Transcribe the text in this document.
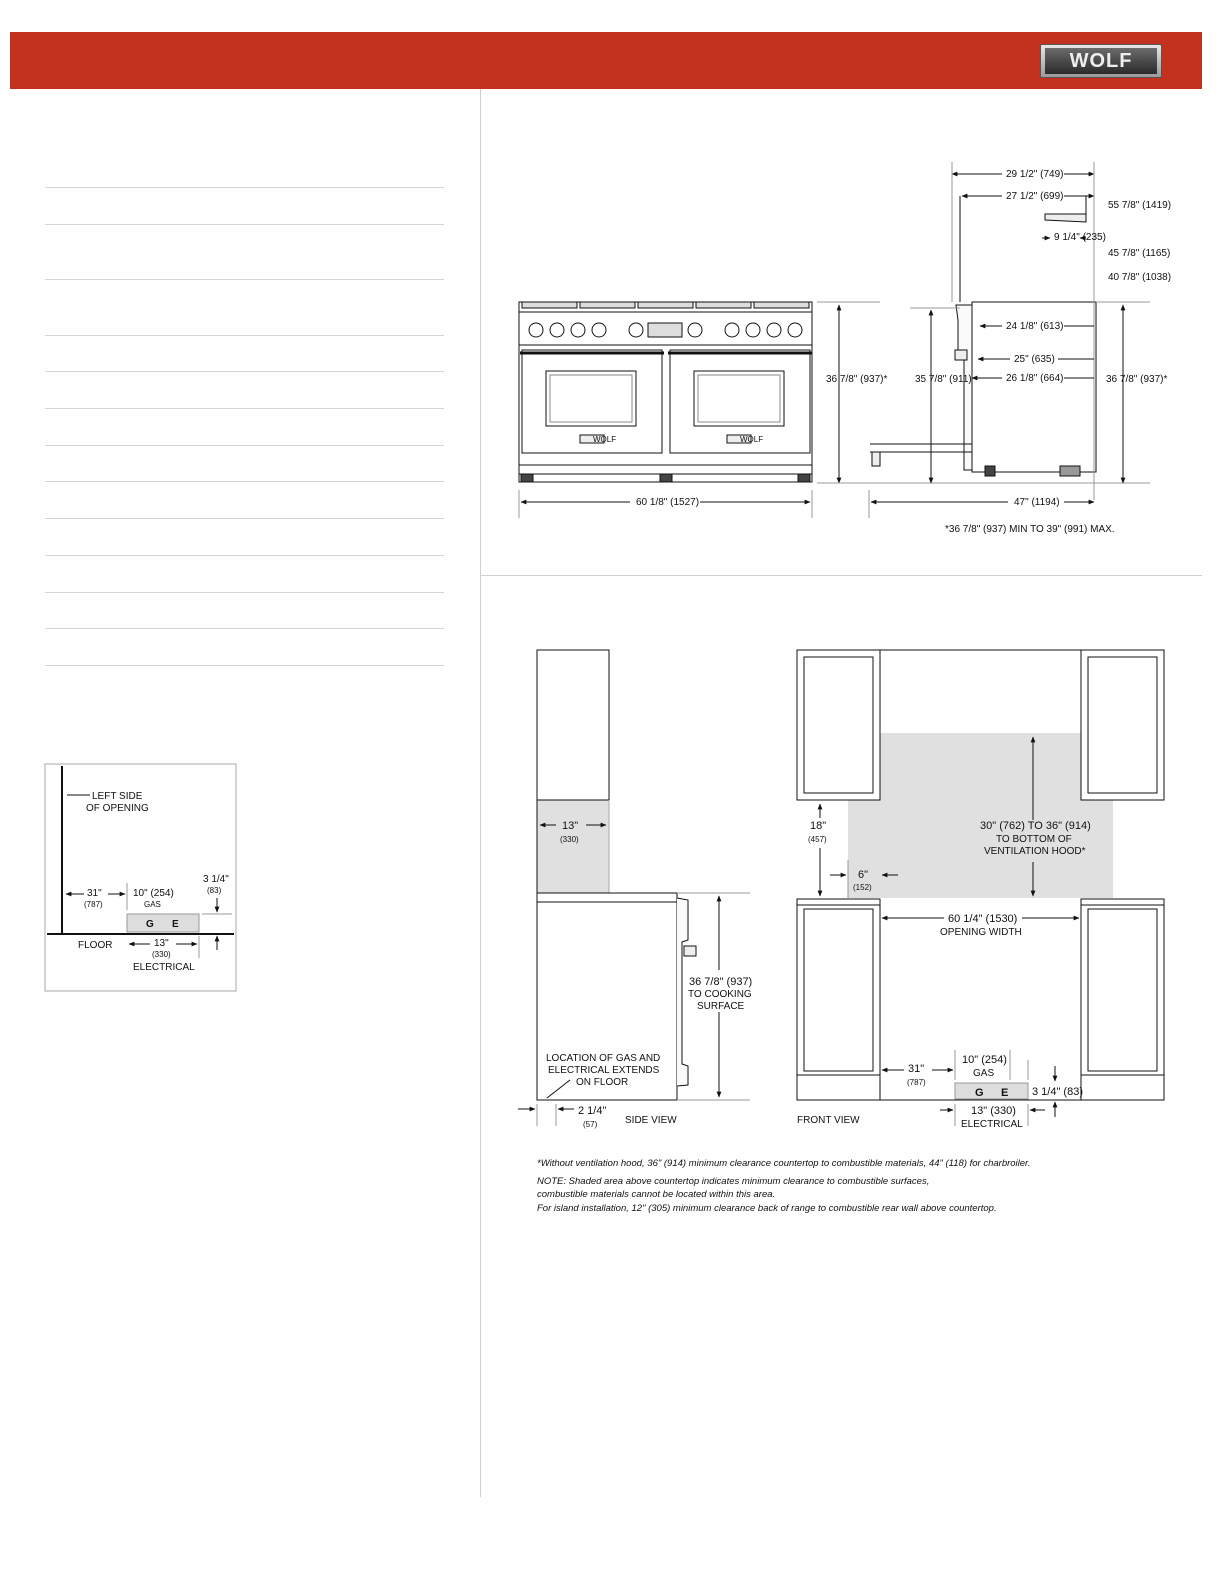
WOLF
WOLF	WOLF
29 1/2" (749)
27 1/2" (699)
55 7/8" (1419)
9 1/4" (235)
45 7/8" (1165)
40 7/8" (1038)
24 1/8" (613)
25" (635)
26 1/8" (664)
36 7/8" (937)*	35 7/8" (911)	36 7/8" (937)*
60 1/8" (1527)	47" (1194)
*36 7/8" (937) MIN TO 39" (991) MAX.
LEFT SIDE
OF OPENING
31"
(787)
10" (254)
GAS
3 1/4"
(83)
G E
FLOOR	13"
(330)
ELECTRICAL
13"
(330)
36 7/8" (937)
TO COOKING
SURFACE
LOCATION OF GAS AND
ELECTRICAL EXTENDS
ON FLOOR
2 1/4"
(57)	SIDE VIEW
18"
(457)
30" (762) TO 36" (914)
TO BOTTOM OF
VENTILATION HOOD*
6"
(152)
60 1/4" (1530)
OPENING WIDTH
31"
(787)
10" (254)
GAS
G E 3 1/4" (83)
13" (330)
ELECTRICAL
FRONT VIEW

*Without ventilation hood, 36" (914) minimum clearance countertop to combustible materials, 44" (118) for charbroiler.

NOTE: Shaded area above countertop indicates minimum clearance to combustible surfaces,

combustible materials cannot be located within this area.

For island installation, 12" (305) minimum clearance back of range to combustible rear wall above countertop.
